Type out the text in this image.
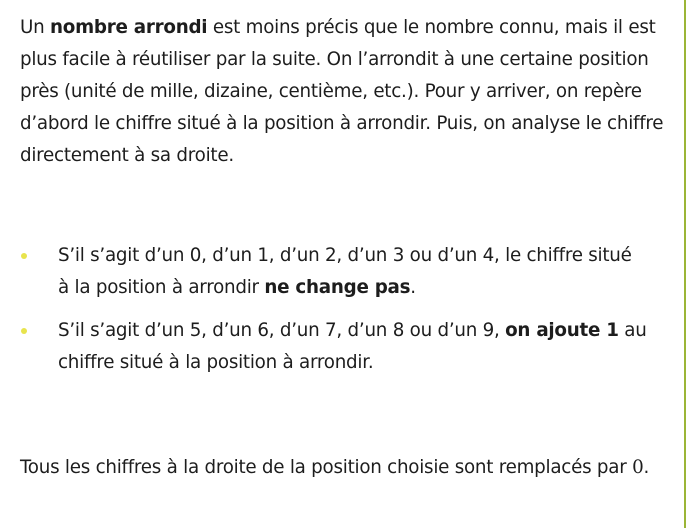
Un nombre arrondi est moins précis que le nombre connu, mais il est plus facile à réutiliser par la suite. On l’arrondit à une certaine position près (unité de mille, dizaine, centième, etc.). Pour y arriver, on repère d’abord le chiffre situé à la position à arrondir. Puis, on analyse le chiffre directement à sa droite.

S’il s’agit d’un 0, d’un 1, d’un 2, d’un 3 ou d’un 4, le chiffre situé à la position à arrondir ne change pas.
S’il s’agit d’un 5, d’un 6, d’un 7, d’un 8 ou d’un 9, on ajoute 1 au chiffre situé à la position à arrondir.

Tous les chiffres à la droite de la position choisie sont remplacés par 0.
